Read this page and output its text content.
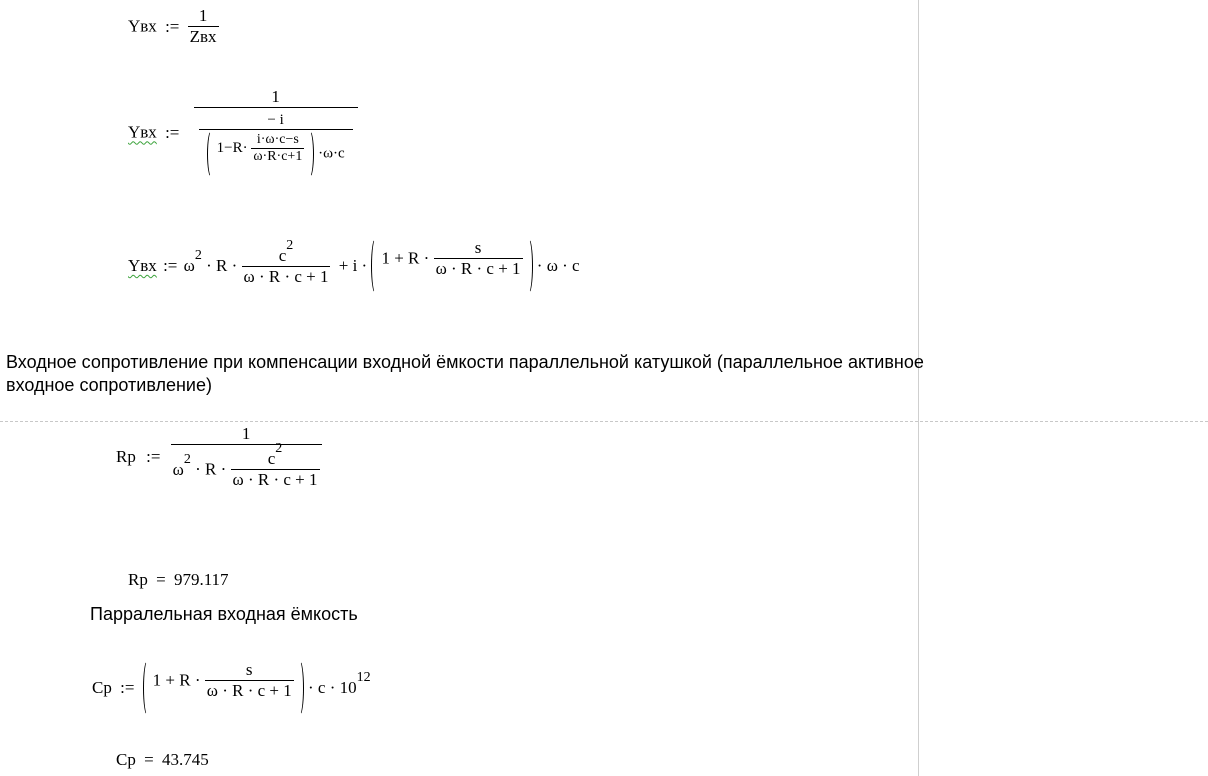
Yвх := $\frac{1}{\text{Zвх}}$
Yвх :=
1
− i
$1-R\cdot \frac{i\cdot\omega\cdot c-s}{\omega\cdot R\cdot c+1} \cdot\omega\cdot c$
Yвх := $\omega^2 \cdot R \cdot \frac{c^2}{\omega \cdot R \cdot c + 1} + i \cdot 1 + R \cdot \frac{s}{\omega \cdot R \cdot c + 1} \cdot \omega \cdot c$
Входное сопротивление при компенсации входной ёмкости параллельной катушкой (параллельное активное
входное сопротивление)
Rp := $\frac{1}{\omega^2 \cdot R \cdot \frac{c^2}{\omega \cdot R \cdot c + 1}}$
Rp = 979.117
Парралельная входная ёмкость
Cp := $1 + R \cdot \frac{s}{\omega \cdot R \cdot c + 1} \cdot c \cdot 10^{12}$
Cp = 43.745
